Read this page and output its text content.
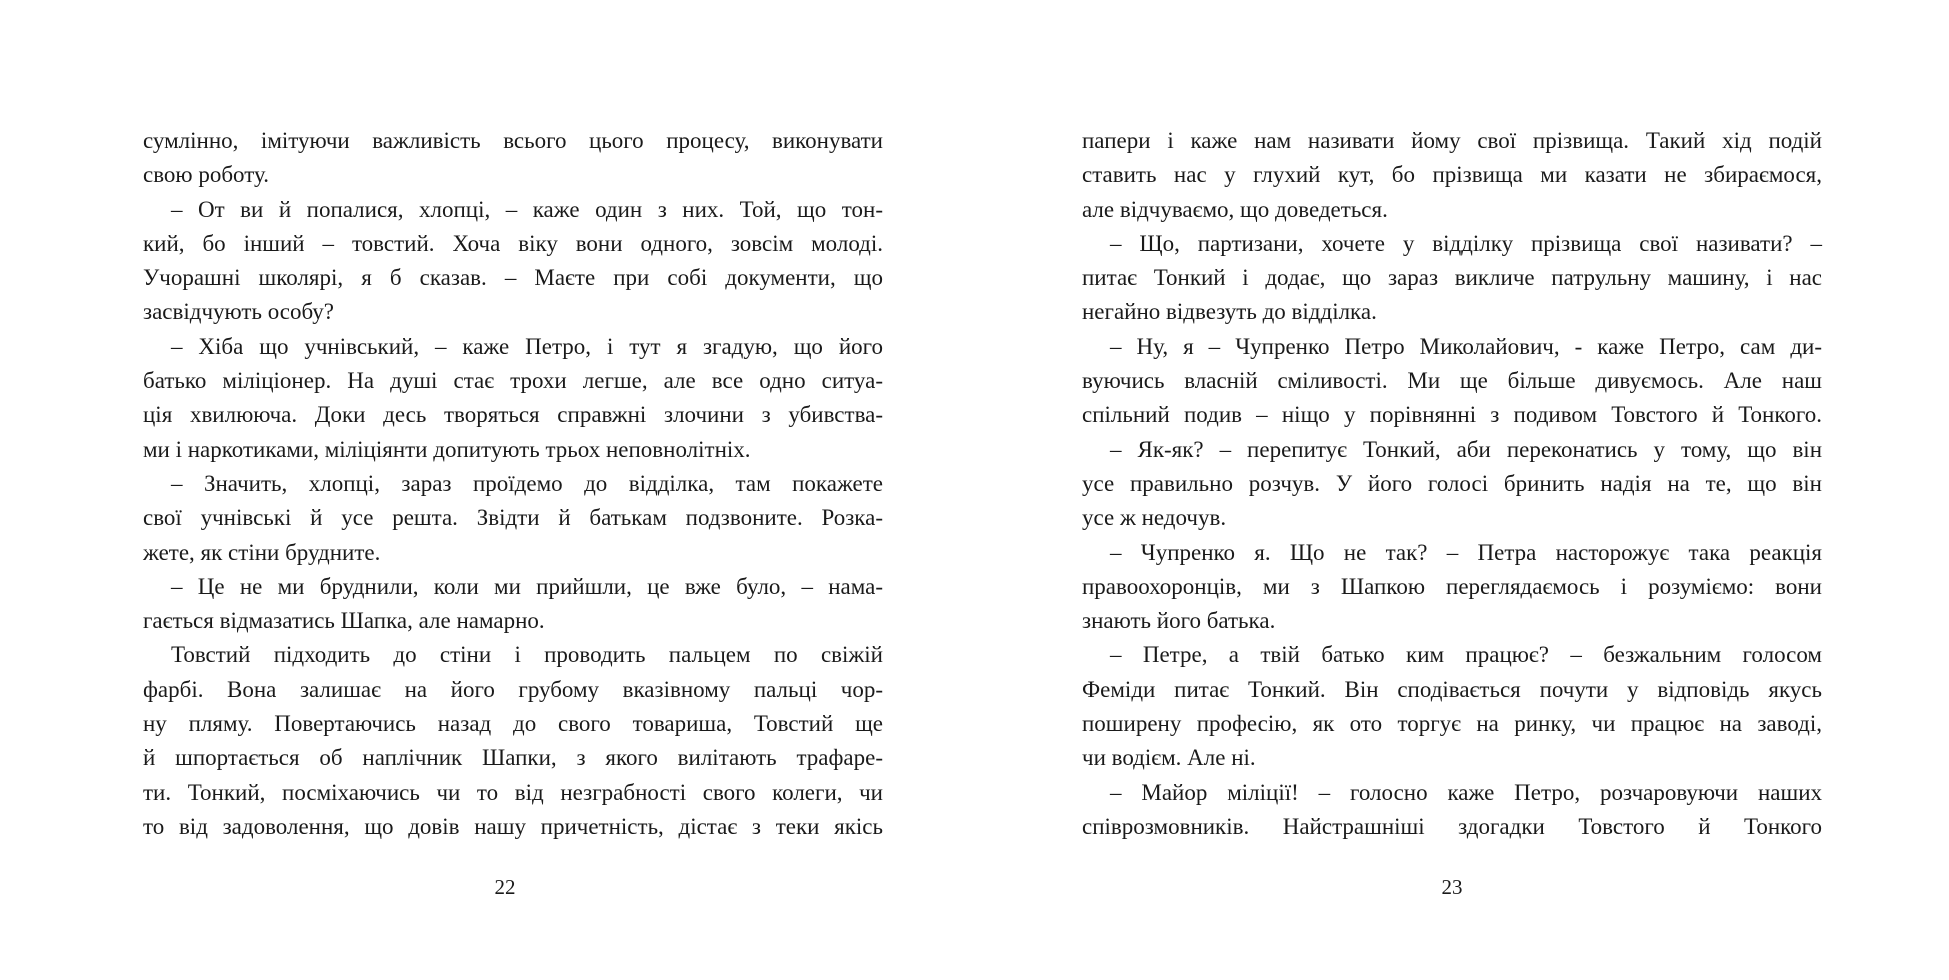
сумлінно, імітуючи важливість всього цього процесу, виконувати
свою роботу.
– От ви й попалися, хлопці, – каже один з них. Той, що тон-
кий, бо інший – товстий. Хоча віку вони одного, зовсім молоді.
Учорашні школярі, я б сказав. – Маєте при собі документи, що
засвідчують особу?
– Хіба що учнівський, – каже Петро, і тут я згадую, що його
батько міліціонер. На душі стає трохи легше, але все одно ситуа-
ція хвилююча. Доки десь творяться справжні злочини з убивства-
ми і наркотиками, міліціянти допитують трьох неповнолітніх.
– Значить, хлопці, зараз проїдемо до відділка, там покажете
свої учнівські й усе решта. Звідти й батькам подзвоните. Розка-
жете, як стіни брудните.
– Це не ми бруднили, коли ми прийшли, це вже було, – нама-
гається відмазатись Шапка, але намарно.
Товстий підходить до стіни і проводить пальцем по свіжій
фарбі. Вона залишає на його грубому вказівному пальці чор-
ну пляму. Повертаючись назад до свого товариша, Товстий ще
й шпортається об наплічник Шапки, з якого вилітають трафаре-
ти. Тонкий, посміхаючись чи то від незграбності свого колеги, чи
то від задоволення, що довів нашу причетність, дістає з теки якісь
папери і каже нам називати йому свої прізвища. Такий хід подій
ставить нас у глухий кут, бо прізвища ми казати не збираємося,
але відчуваємо, що доведеться.
– Що, партизани, хочете у відділку прізвища свої називати? –
питає Тонкий і додає, що зараз викличе патрульну машину, і нас
негайно відвезуть до відділка.
– Ну, я – Чупренко Петро Миколайович, - каже Петро, сам ди-
вуючись власній сміливості. Ми ще більше дивуємось. Але наш
спільний подив – ніщо у порівнянні з подивом Товстого й Тонкого.
– Як-як? – перепитує Тонкий, аби переконатись у тому, що він
усе правильно розчув. У його голосі бринить надія на те, що він
усе ж недочув.
– Чупренко я. Що не так? – Петра насторожує така реакція
правоохоронців, ми з Шапкою переглядаємось і розуміємо: вони
знають його батька.
– Петре, а твій батько ким працює? – безжальним голосом
Феміди питає Тонкий. Він сподівається почути у відповідь якусь
поширену професію, як ото торгує на ринку, чи працює на заводі,
чи водієм. Але ні.
– Майор міліції! – голосно каже Петро, розчаровуючи наших
співрозмовників. Найстрашніші здогадки Товстого й Тонкого
22	23
